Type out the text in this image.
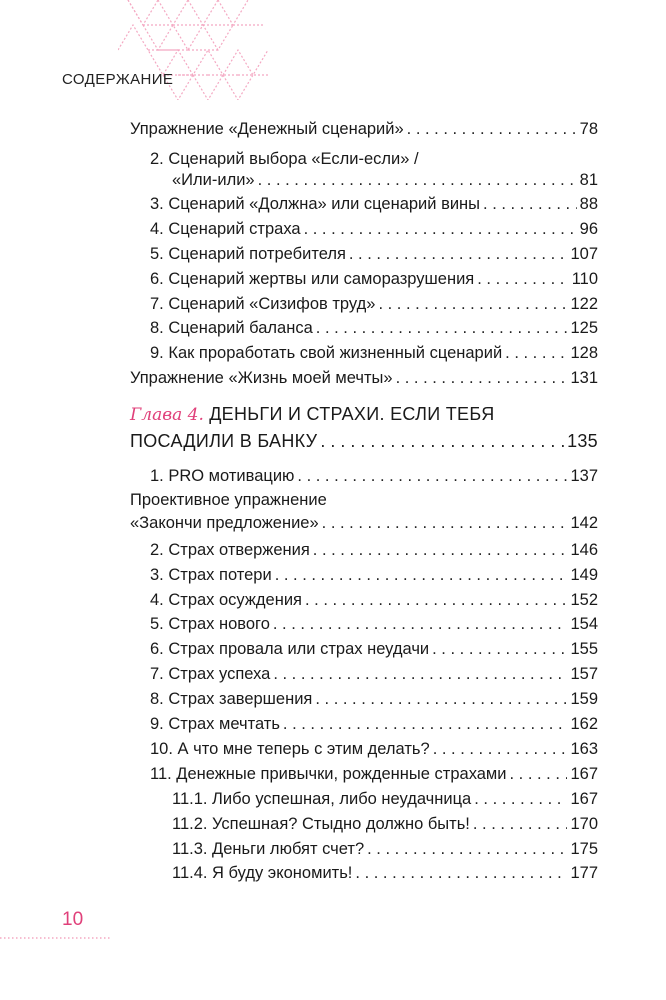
СОДЕРЖАНИЕ
Упражнение «Денежный сценарий» . . .	78
2. Сценарий выбора «Если-если» /
«Или-или» . . .	81
3. Сценарий «Должна» или сценарий вины . . .	88
4. Сценарий страха . . .	96
5. Сценарий потребителя . . .	107
6. Сценарий жертвы или саморазрушения . . .	110
7. Сценарий «Сизифов труд» . . .	122
8. Сценарий баланса . . .	125
9. Как проработать свой жизненный сценарий . . .	128
Упражнение «Жизнь моей мечты» . . .	131
Глава 4. ДЕНЬГИ И СТРАХИ. ЕСЛИ ТЕБЯ
ПОСАДИЛИ В БАНКУ . . .	135
1. PRO мотивацию . . .	137
Проективное упражнение
«Закончи предложение» . . .	142
2. Страх отвержения . . .	146
3. Страх потери . . .	149
4. Страх осуждения . . .	152
5. Страх нового . . .	154
6. Страх провала или страх неудачи . . .	155
7. Страх успеха . . .	157
8. Страх завершения . . .	159
9. Страх мечтать . . .	162
10. А что мне теперь с этим делать? . . .	163
11. Денежные привычки, рожденные страхами . . .	167
11.1. Либо успешная, либо неудачница . . .	167
11.2. Успешная? Стыдно должно быть! . . .	170
11.3. Деньги любят счет? . . .	175
11.4. Я буду экономить! . . .	177
10
